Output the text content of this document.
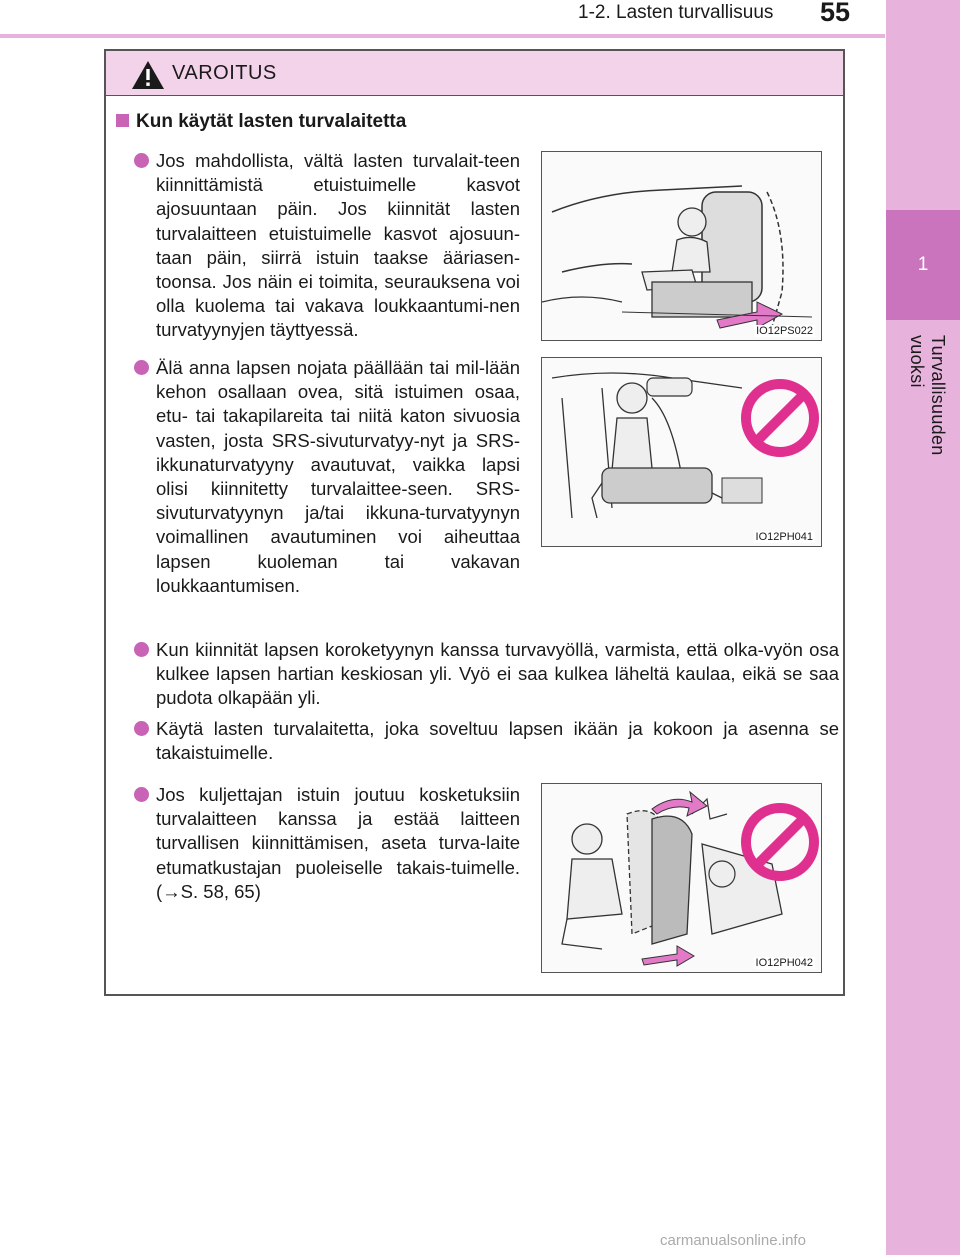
1-2. Lasten turvallisuus 55
1
Turvallisuuden vuoksi
VAROITUS
Kun käytät lasten turvalaitetta

Jos mahdollista, vältä lasten turvalait-teen kiinnittämistä etuistuimelle kasvot ajosuuntaan päin. Jos kiinnität lasten turvalaitteen etuistuimelle kasvot ajosuun-taan päin, siirrä istuin taakse ääriasen-toonsa. Jos näin ei toimita, seurauksena voi olla kuolema tai vakava loukkaantumi-nen turvatyynyjen täyttyessä.	IO12PS022

Älä anna lapsen nojata päällään tai mil-lään kehon osallaan ovea, sitä istuimen osaa, etu- tai takapilareita tai niitä katon sivuosia vasten, josta SRS-sivuturvatyy-nyt ja SRS-ikkunaturvatyyny avautuvat, vaikka lapsi olisi kiinnitetty turvalaittee-seen. SRS-sivuturvatyynyn ja/tai ikkuna-turvatyynyn voimallinen avautuminen voi aiheuttaa lapsen kuoleman tai vakavan loukkaantumisen.

IO12PH041

Kun kiinnität lapsen koroketyynyn kanssa turvavyöllä, varmista, että olka-vyön osa kulkee lapsen hartian keskiosan yli. Vyö ei saa kulkea läheltä kaulaa, eikä se saa pudota olkapään yli.

Käytä lasten turvalaitetta, joka soveltuu lapsen ikään ja kokoon ja asenna se takaistuimelle.

Jos kuljettajan istuin joutuu kosketuksiin turvalaitteen kanssa ja estää laitteen turvallisen kiinnittämisen, aseta turva-laite etumatkustajan puoleiselle takais-tuimelle. (→S. 58, 65)

IO12PH042
carmanualsonline.info
